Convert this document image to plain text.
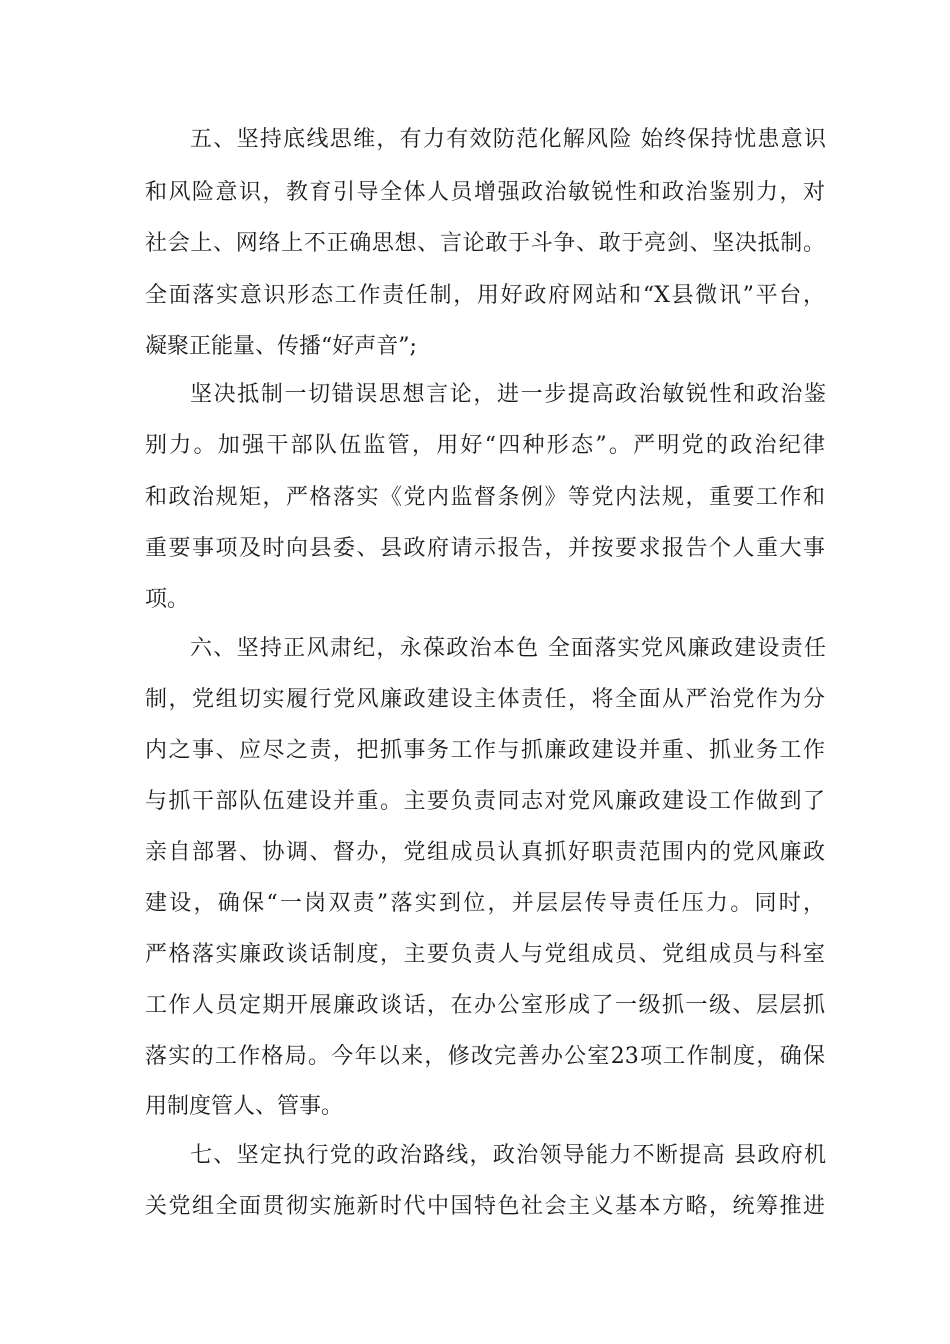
五、坚持底线思维，有力有效防范化解风险 始终保持忧患意识
和风险意识，教育引导全体人员增强政治敏锐性和政治鉴别力，对
社会上、网络上不正确思想、言论敢于斗争、敢于亮剑、坚决抵制。
全面落实意识形态工作责任制，用好政府网站和“X县微讯”平台，
凝聚正能量、传播“好声音”;
坚决抵制一切错误思想言论，进一步提高政治敏锐性和政治鉴
别力。加强干部队伍监管，用好“四种形态”。严明党的政治纪律
和政治规矩，严格落实《党内监督条例》等党内法规，重要工作和
重要事项及时向县委、县政府请示报告，并按要求报告个人重大事
项。
六、坚持正风肃纪，永葆政治本色 全面落实党风廉政建设责任
制，党组切实履行党风廉政建设主体责任，将全面从严治党作为分
内之事、应尽之责，把抓事务工作与抓廉政建设并重、抓业务工作
与抓干部队伍建设并重。主要负责同志对党风廉政建设工作做到了
亲自部署、协调、督办，党组成员认真抓好职责范围内的党风廉政
建设，确保“一岗双责”落实到位，并层层传导责任压力。同时，
严格落实廉政谈话制度，主要负责人与党组成员、党组成员与科室
工作人员定期开展廉政谈话，在办公室形成了一级抓一级、层层抓
落实的工作格局。今年以来，修改完善办公室23项工作制度，确保
用制度管人、管事。
七、坚定执行党的政治路线，政治领导能力不断提高 县政府机
关党组全面贯彻实施新时代中国特色社会主义基本方略，统筹推进
